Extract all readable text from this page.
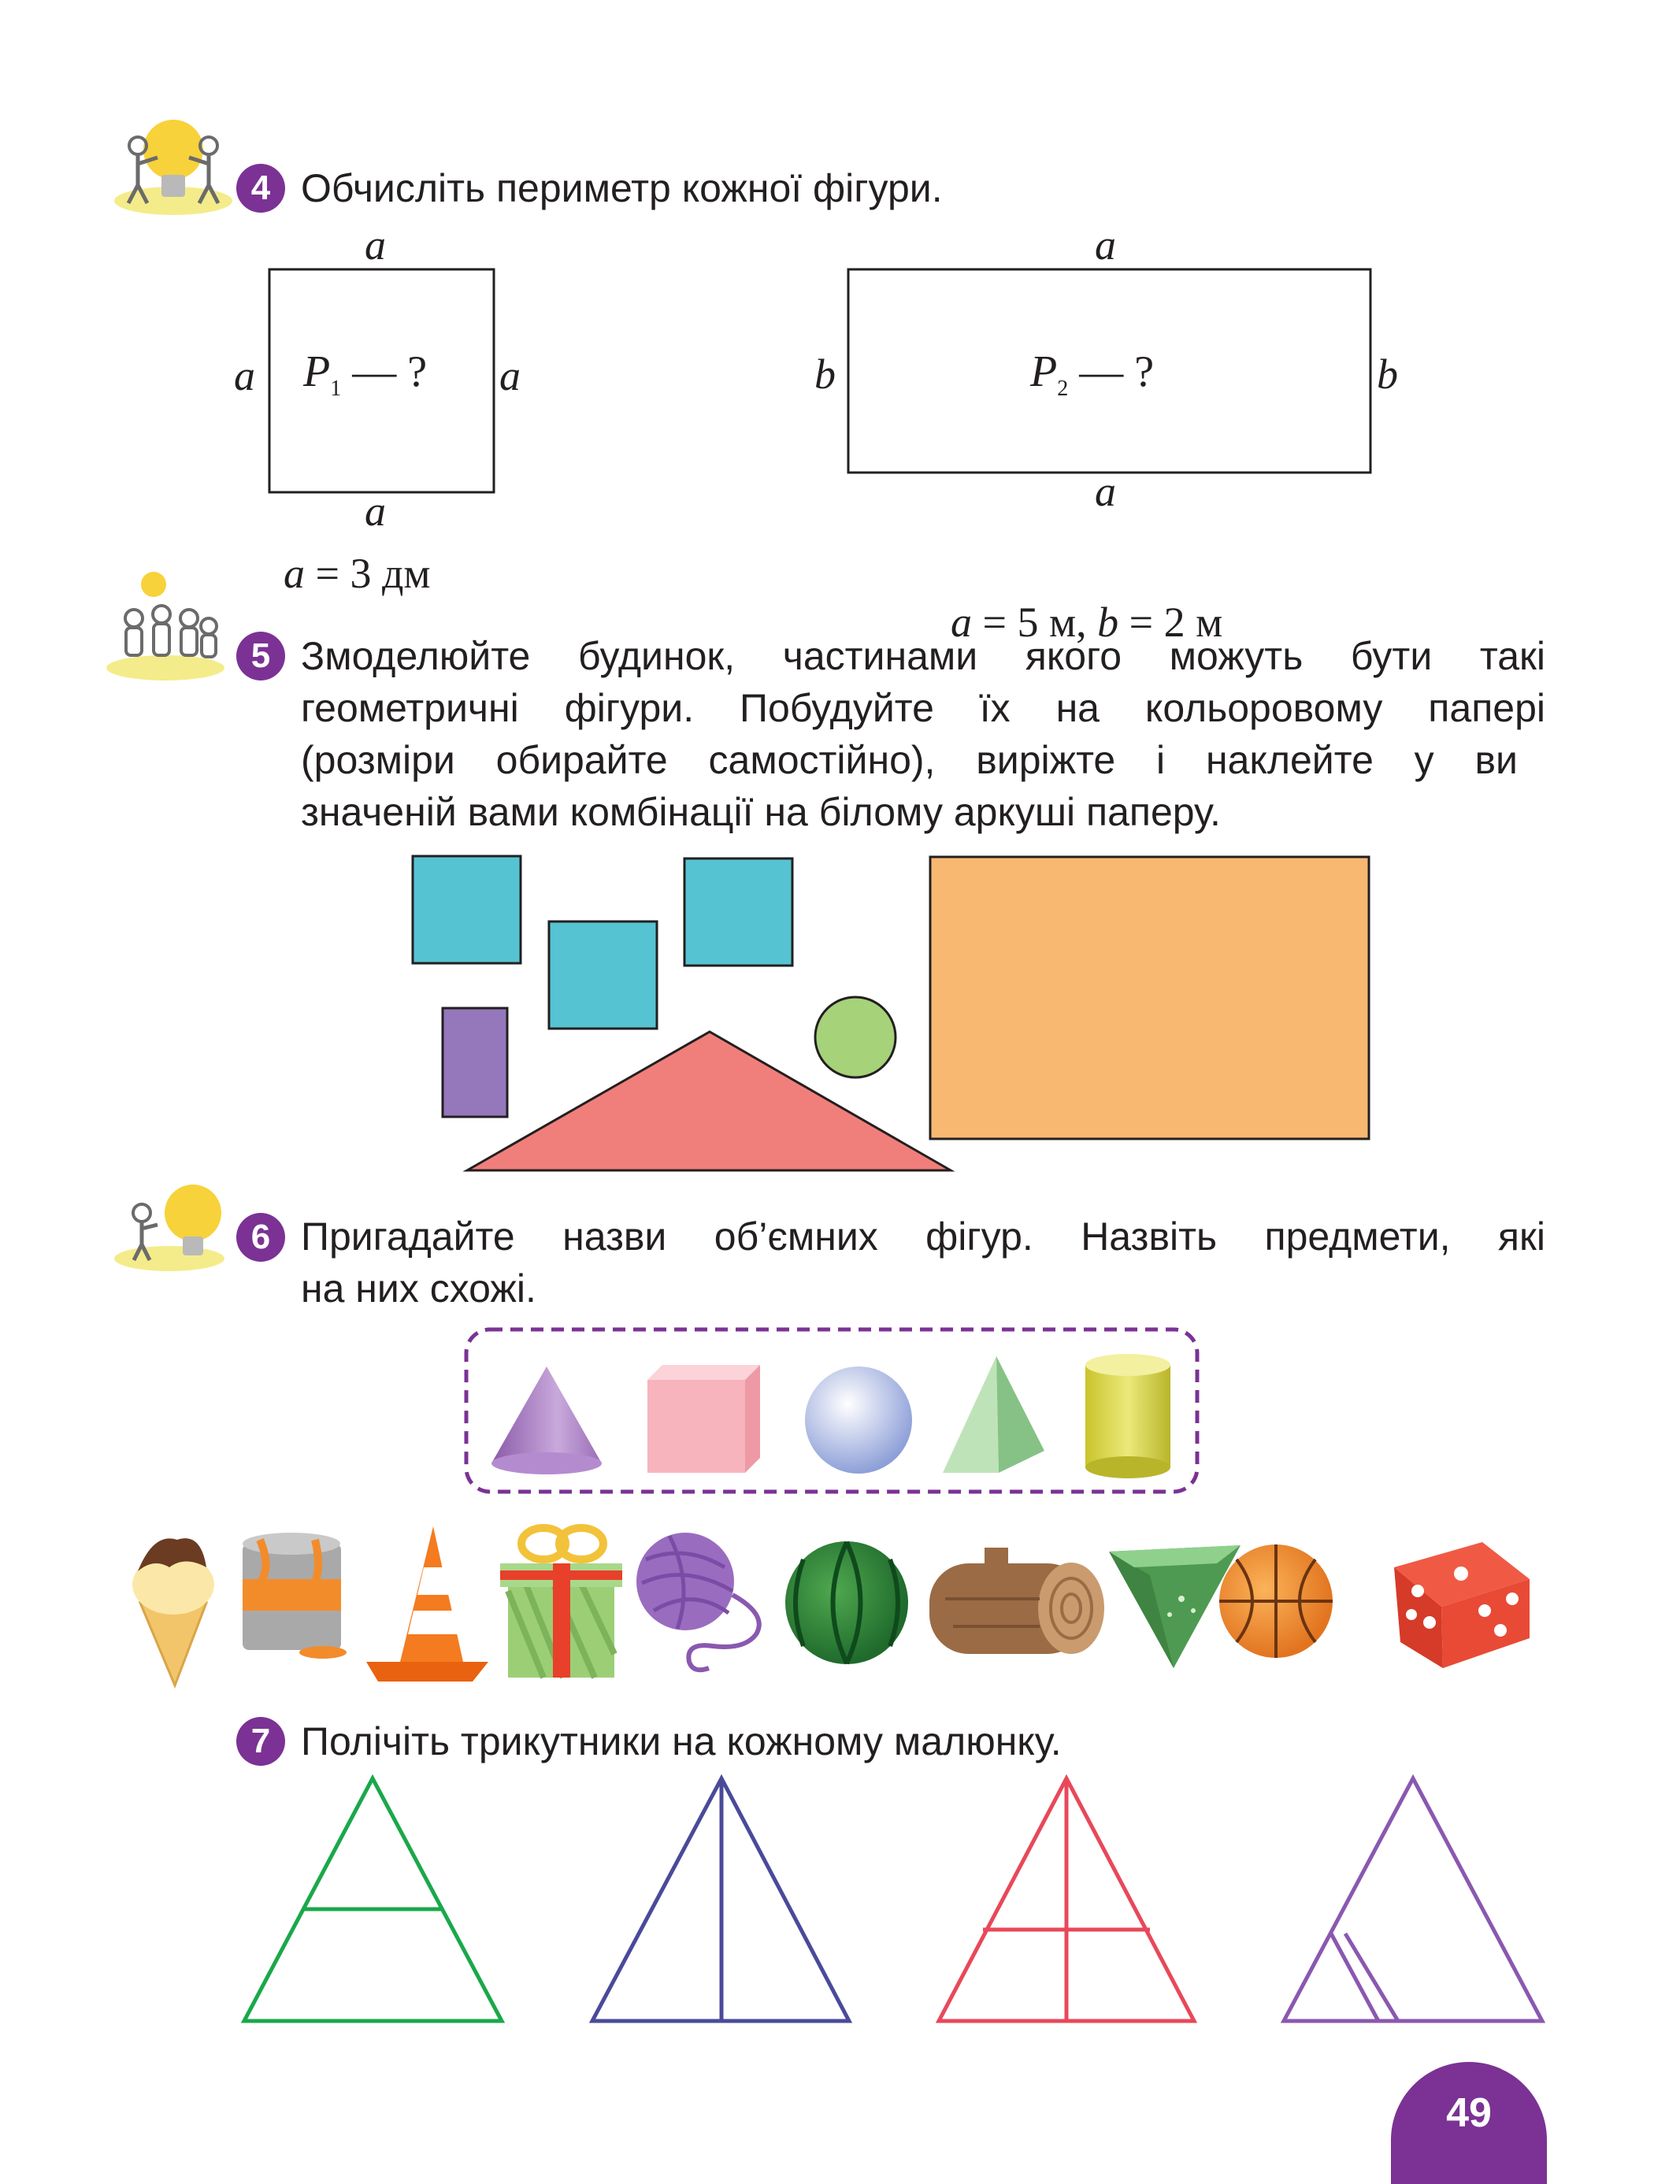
4 Обчисліть периметр кожної фігури.
a
a	a
a
$P_1$ — ?
a = 3 дм
a
b	b
a
$P_2$ — ?

a = 5 м, b = 2 м

5 Змоделюйте будинок, частинами якого можуть бути такі
геометричні фігури. Побудуйте їх на кольоровому папері
(розміри обирайте самостійно), виріжте і наклейте у ви
значеній вами комбінації на білому аркуші паперу.
6 Пригадайте назви об’ємних фігур. Назвіть предмети, які
на них схожі.
7 Полічіть трикутники на кожному малюнку.
49
